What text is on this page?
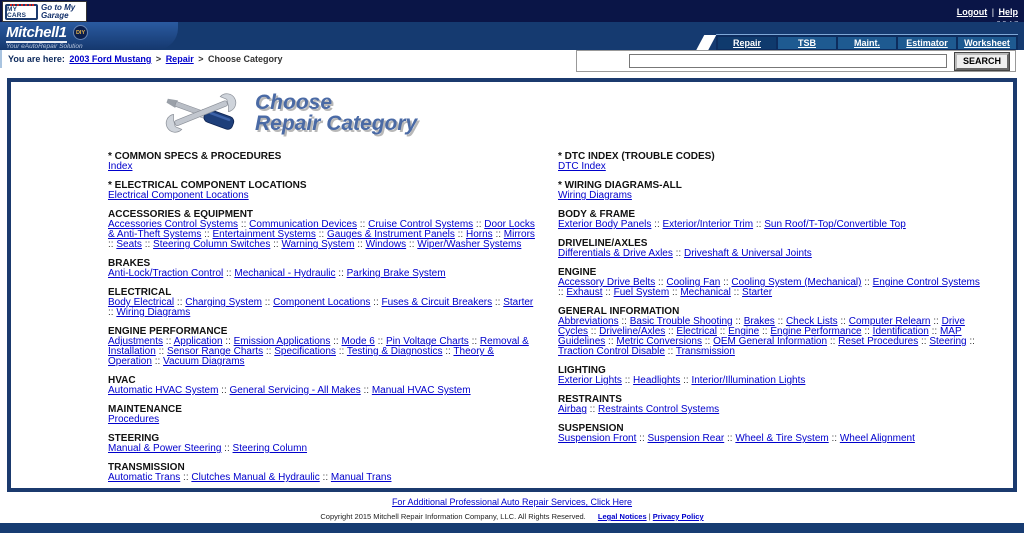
MY CARS
Go to My Garage	Logout | Help
Mitchell1 DIY
Your eAutoRepair Solution	Repair	TSB	Maint.	Estimator	Worksheet
You are here: 2003 Ford Mustang > Repair > Choose Category	SEARCH
Choose
Repair Category
* COMMON SPECS & PROCEDURES
Index
* ELECTRICAL COMPONENT LOCATIONS
Electrical Component Locations
ACCESSORIES & EQUIPMENT
Accessories Control Systems :: Communication Devices :: Cruise Control Systems :: Door Locks & Anti-Theft Systems :: Entertainment Systems :: Gauges & Instrument Panels :: Horns :: Mirrors :: Seats :: Steering Column Switches :: Warning System :: Windows :: Wiper/Washer Systems
BRAKES
Anti-Lock/Traction Control :: Mechanical - Hydraulic :: Parking Brake System
ELECTRICAL
Body Electrical :: Charging System :: Component Locations :: Fuses & Circuit Breakers :: Starter :: Wiring Diagrams
ENGINE PERFORMANCE
Adjustments :: Application :: Emission Applications :: Mode 6 :: Pin Voltage Charts :: Removal & Installation :: Sensor Range Charts :: Specifications :: Testing & Diagnostics :: Theory & Operation :: Vacuum Diagrams
HVAC
Automatic HVAC System :: General Servicing - All Makes :: Manual HVAC System
MAINTENANCE
Procedures
STEERING
Manual & Power Steering :: Steering Column
TRANSMISSION
Automatic Trans :: Clutches Manual & Hydraulic :: Manual Trans
* DTC INDEX (TROUBLE CODES)
DTC Index
* WIRING DIAGRAMS-ALL
Wiring Diagrams
BODY & FRAME
Exterior Body Panels :: Exterior/Interior Trim :: Sun Roof/T-Top/Convertible Top
DRIVELINE/AXLES
Differentials & Drive Axles :: Driveshaft & Universal Joints
ENGINE
Accessory Drive Belts :: Cooling Fan :: Cooling System (Mechanical) :: Engine Control Systems :: Exhaust :: Fuel System :: Mechanical :: Starter
GENERAL INFORMATION
Abbreviations :: Basic Trouble Shooting :: Brakes :: Check Lists :: Computer Relearn :: Drive Cycles :: Driveline/Axles :: Electrical :: Engine :: Engine Performance :: Identification :: MAP Guidelines :: Metric Conversions :: OEM General Information :: Reset Procedures :: Steering :: Traction Control Disable :: Transmission
LIGHTING
Exterior Lights :: Headlights :: Interior/Illumination Lights
RESTRAINTS
Airbag :: Restraints Control Systems
SUSPENSION
Suspension Front :: Suspension Rear :: Wheel & Tire System :: Wheel Alignment
For Additional Professional Auto Repair Services, Click Here
Copyright 2015 Mitchell Repair Information Company, LLC. All Rights Reserved. Legal Notices | Privacy Policy
